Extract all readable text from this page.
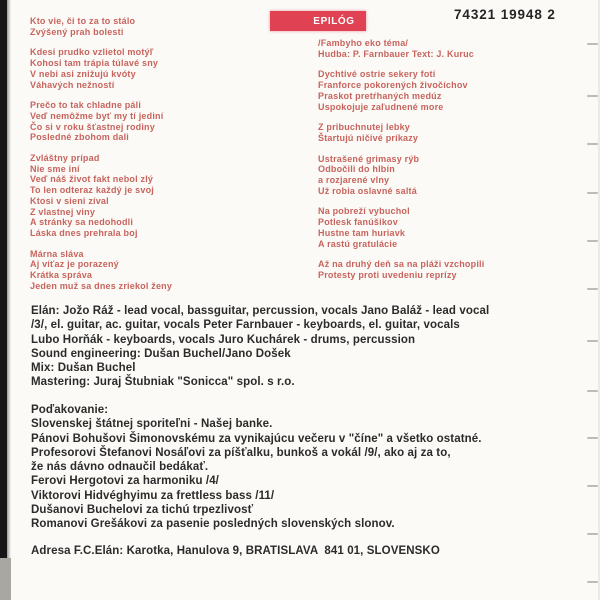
EPILÓG	74321 19948 2
Kto vie, či to za to stálo
Zvýšený prah bolesti
Kdesi prudko vzlietol motýľ
Kohosi tam trápia túlavé sny
V nebi asi znižujú kvóty
Váhavých nežností
Prečo to tak chladne páli
Veď nemôžme byť my tí jediní
Čo si v roku šťastnej rodiny
Posledné zbohom dali
Zvláštny prípad
Nie sme iní
Veď náš život fakt nebol zlý
To len odteraz každý je svoj
Ktosi v sieni zíval
Z vlastnej viny
A stránky sa nedohodli
Láska dnes prehrala boj
Márna sláva
Aj víťaz je porazený
Krátka správa
Jeden muž sa dnes zriekol ženy
/Fambyho eko téma/
Hudba: P. Farnbauer Text: J. Kuruc
Dychtivé ostrie sekery fotí
Franforce pokorených živočíchov
Praskot pretŕhaných medúz
Uspokojuje zaľudnené more
Z pribuchnutej lebky
Štartujú ničivé príkazy
Ustrašené grimasy rýb
Odbočili do hlbín
a rozjarené vlny
Už robia oslavné saltá
Na pobreží vybuchol
Potlesk fanúšikov
Hustne tam huriavk
A rastú gratulácie
Až na druhý deň sa na pláži vzchopili
Protesty proti uvedeniu reprízy
Elán: Jožo Ráž - lead vocal, bassguitar, percussion, vocals Jano Baláž - lead vocal
/3/, el. guitar, ac. guitar, vocals Peter Farnbauer - keyboards, el. guitar, vocals
Lubo Horňák - keyboards, vocals Juro Kuchárek - drums, percussion
Sound engineering: Dušan Buchel/Jano Došek
Mix: Dušan Buchel
Mastering: Juraj Štubniak "Sonicca" spol. s r.o.
Poďakovanie:
Slovenskej štátnej sporiteľni - Našej banke.
Pánovi Bohušovi Šimonovskému za vynikajúcu večeru v "číne" a všetko ostatné.
Profesorovi Štefanovi Nosáľovi za píšťalku, bunkoš a vokál /9/, ako aj za to,
že nás dávno odnaučil bedákať.
Ferovi Hergotovi za harmoniku /4/
Viktorovi Hidvéghyimu za frettless bass /11/
Dušanovi Buchelovi za tichú trpezlivosť
Romanovi Grešákovi za pasenie posledných slovenských slonov.
Adresa F.C.Elán: Karotka, Hanulova 9, BRATISLAVA  841 01, SLOVENSKO
